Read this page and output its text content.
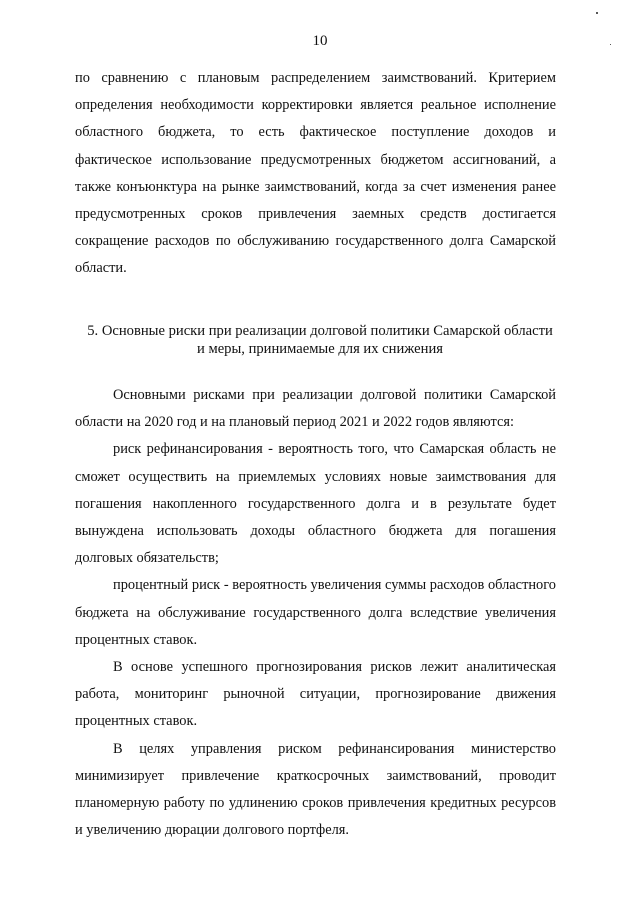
10

по сравнению с плановым распределением заимствований. Критерием определения необходимости корректировки является реальное исполнение областного бюджета, то есть фактическое поступление доходов и фактическое использование предусмотренных бюджетом ассигнований, а также конъюнктура на рынке заимствований, когда за счет изменения ранее предусмотренных сроков привлечения заемных средств достигается сокращение расходов по обслуживанию государственного долга Самарской области.

5. Основные риски при реализации долговой политики Самарской области
и меры, принимаемые для их снижения

Основными рисками при реализации долговой политики Самарской области на 2020 год и на плановый период 2021 и 2022 годов являются:

риск рефинансирования - вероятность того, что Самарская область не сможет осуществить на приемлемых условиях новые заимствования для погашения накопленного государственного долга и в результате будет вынуждена использовать доходы областного бюджета для погашения долговых обязательств;

процентный риск - вероятность увеличения суммы расходов областного бюджета на обслуживание государственного долга вследствие увеличения процентных ставок.

В основе успешного прогнозирования рисков лежит аналитическая работа, мониторинг рыночной ситуации, прогнозирование движения процентных ставок.

В целях управления риском рефинансирования министерство минимизирует привлечение краткосрочных заимствований, проводит планомерную работу по удлинению сроков привлечения кредитных ресурсов и увеличению дюрации долгового портфеля.
